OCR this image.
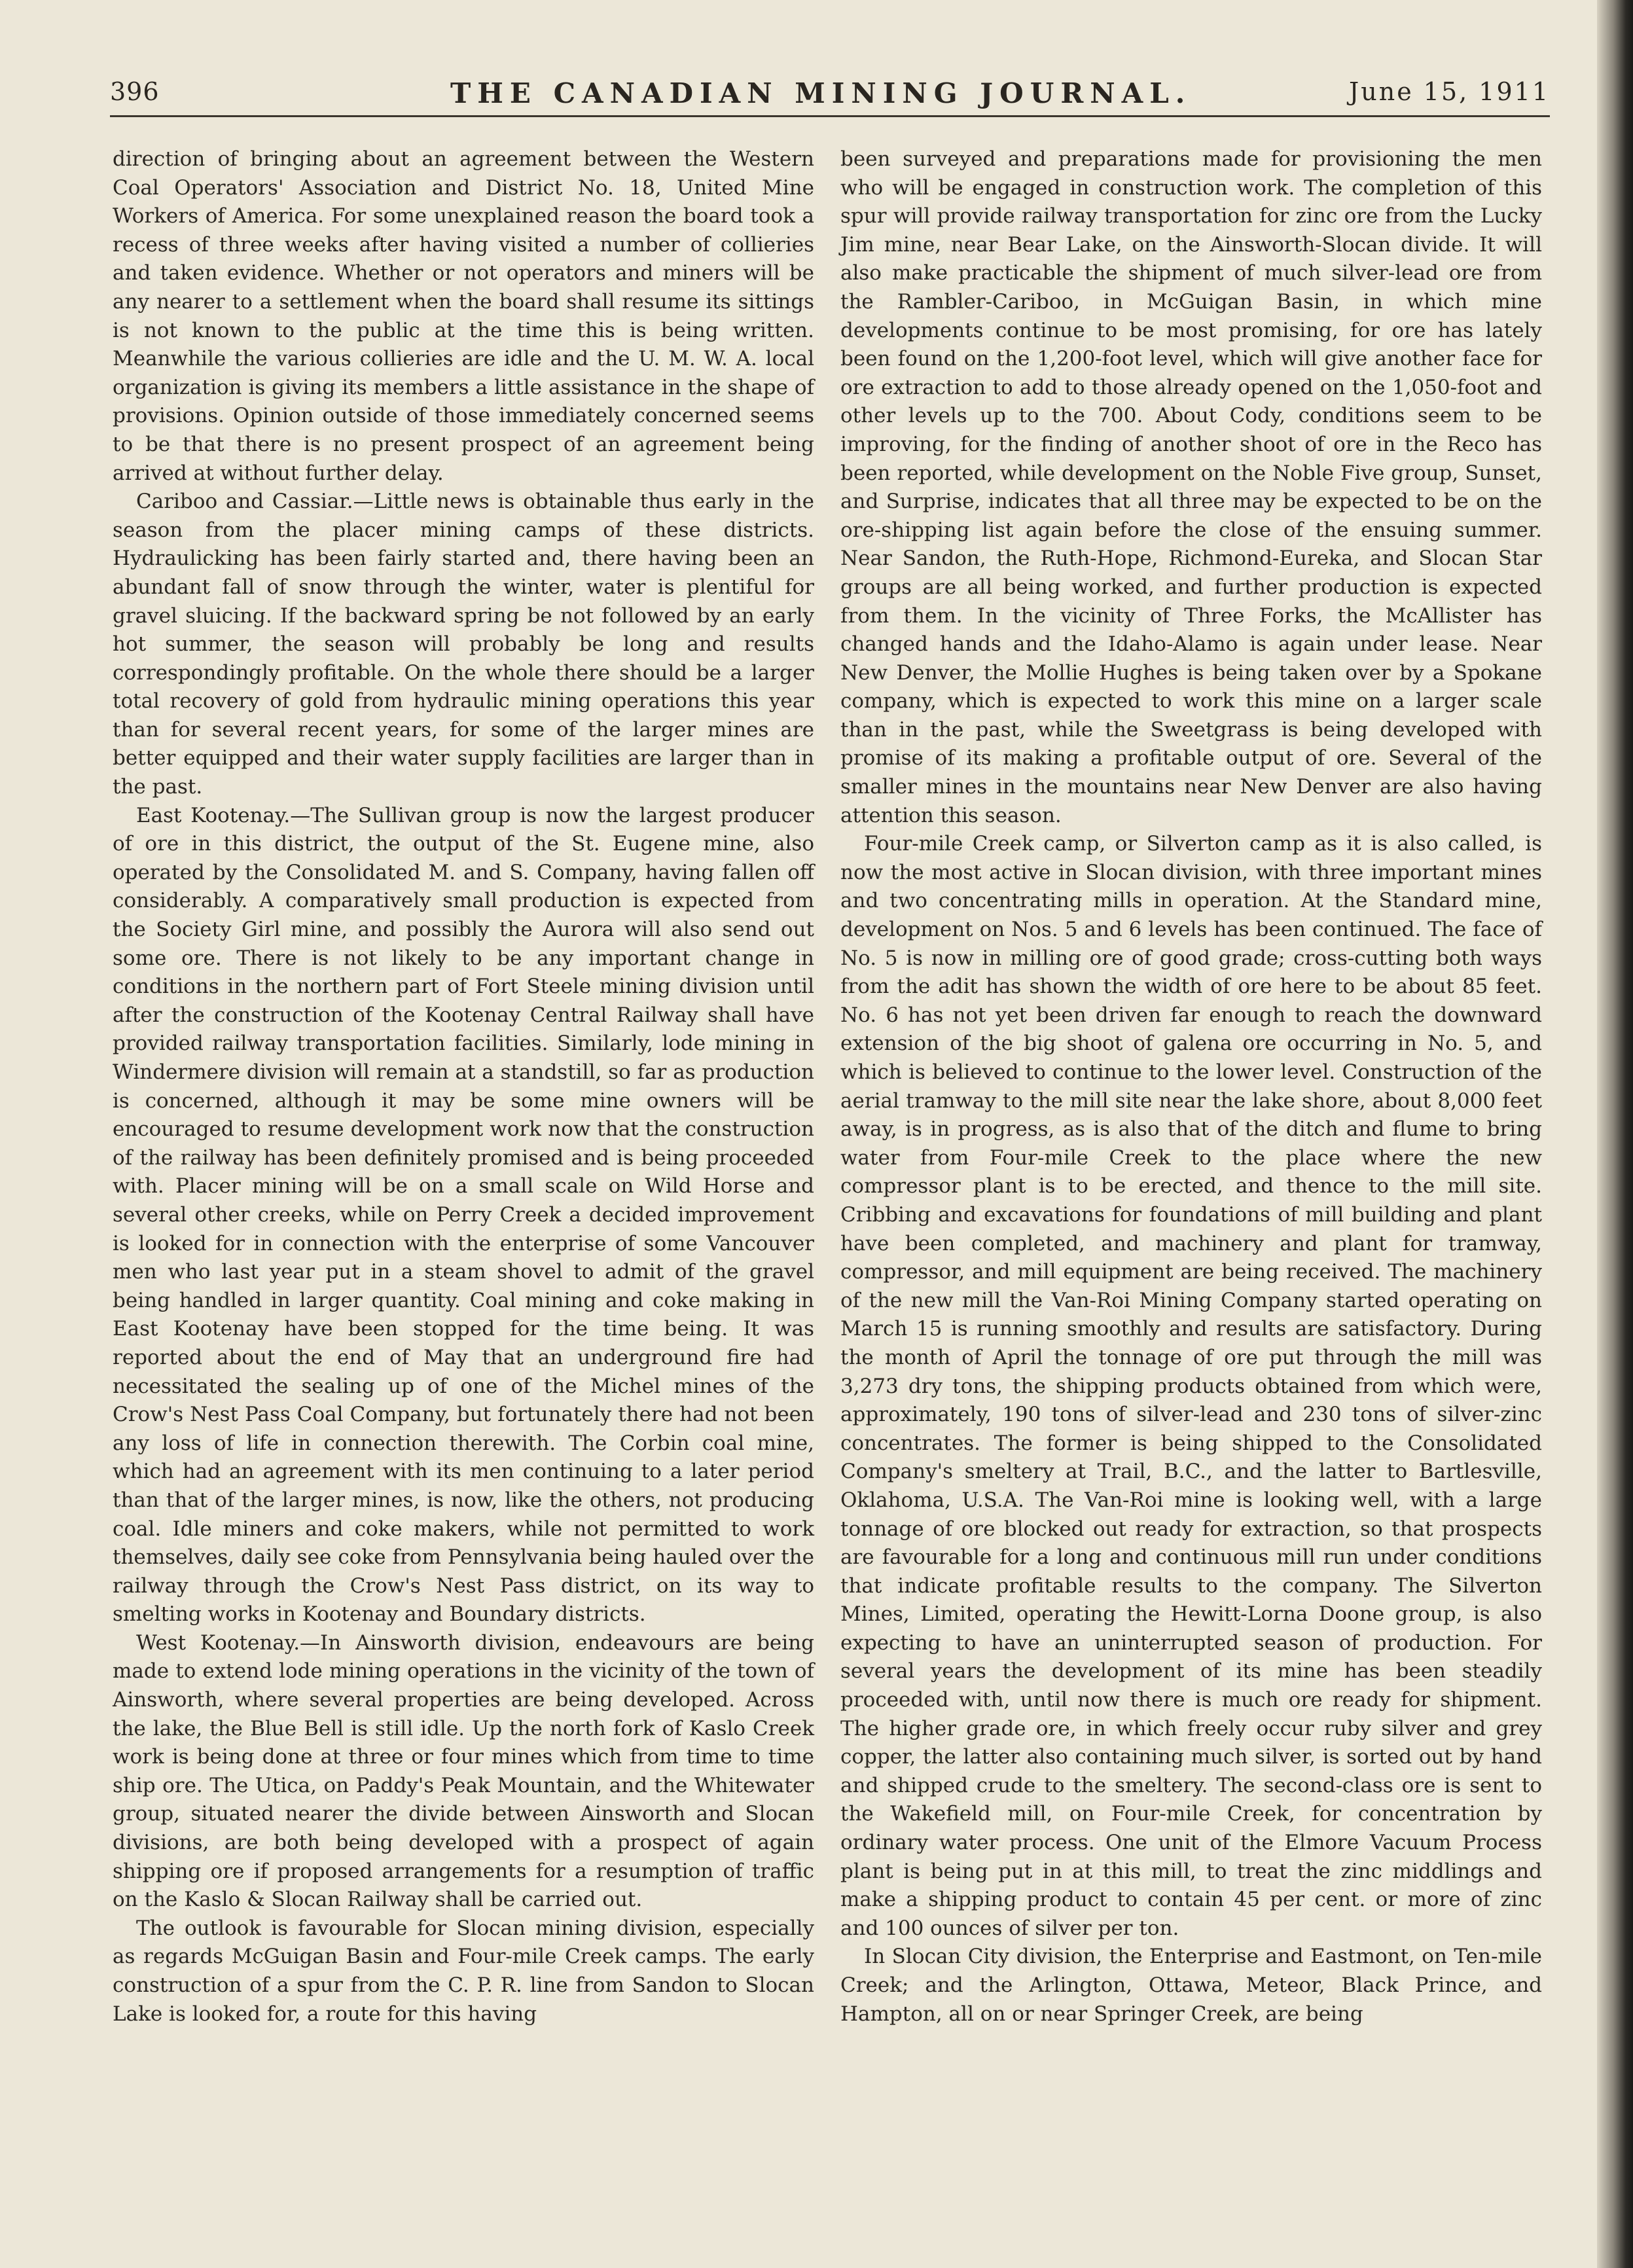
396	THE CANADIAN MINING JOURNAL.	June 15, 1911

direction of bringing about an agreement between the Western Coal Operators' Association and District No. 18, United Mine Workers of America. For some unexplained reason the board took a recess of three weeks after having visited a number of collieries and taken evidence. Whether or not operators and miners will be any nearer to a settlement when the board shall resume its sittings is not known to the public at the time this is being written. Meanwhile the various collieries are idle and the U. M. W. A. local organization is giving its members a little assistance in the shape of provisions. Opinion outside of those immediately concerned seems to be that there is no present prospect of an agreement being arrived at without further delay.

Cariboo and Cassiar.—Little news is obtainable thus early in the season from the placer mining camps of these districts. Hydraulicking has been fairly started and, there having been an abundant fall of snow through the winter, water is plentiful for gravel sluicing. If the backward spring be not followed by an early hot summer, the season will probably be long and results correspondingly profitable. On the whole there should be a larger total recovery of gold from hydraulic mining operations this year than for several recent years, for some of the larger mines are better equipped and their water supply facilities are larger than in the past.

East Kootenay.—The Sullivan group is now the largest producer of ore in this district, the output of the St. Eugene mine, also operated by the Consolidated M. and S. Company, having fallen off considerably. A comparatively small production is expected from the Society Girl mine, and possibly the Aurora will also send out some ore. There is not likely to be any important change in conditions in the northern part of Fort Steele mining division until after the construction of the Kootenay Central Railway shall have provided railway transportation facilities. Similarly, lode mining in Windermere division will remain at a standstill, so far as production is concerned, although it may be some mine owners will be encouraged to resume development work now that the construction of the railway has been definitely promised and is being proceeded with. Placer mining will be on a small scale on Wild Horse and several other creeks, while on Perry Creek a decided improvement is looked for in connection with the enterprise of some Vancouver men who last year put in a steam shovel to admit of the gravel being handled in larger quantity. Coal mining and coke making in East Kootenay have been stopped for the time being. It was reported about the end of May that an underground fire had necessitated the sealing up of one of the Michel mines of the Crow's Nest Pass Coal Company, but fortunately there had not been any loss of life in connection therewith. The Corbin coal mine, which had an agreement with its men continuing to a later period than that of the larger mines, is now, like the others, not producing coal. Idle miners and coke makers, while not permitted to work themselves, daily see coke from Pennsylvania being hauled over the railway through the Crow's Nest Pass district, on its way to smelting works in Kootenay and Boundary districts.

West Kootenay.—In Ainsworth division, endeavours are being made to extend lode mining operations in the vicinity of the town of Ainsworth, where several properties are being developed. Across the lake, the Blue Bell is still idle. Up the north fork of Kaslo Creek work is being done at three or four mines which from time to time ship ore. The Utica, on Paddy's Peak Mountain, and the Whitewater group, situated nearer the divide between Ainsworth and Slocan divisions, are both being developed with a prospect of again shipping ore if proposed arrangements for a resumption of traffic on the Kaslo & Slocan Railway shall be carried out.

The outlook is favourable for Slocan mining division, especially as regards McGuigan Basin and Four-mile Creek camps. The early construction of a spur from the C. P. R. line from Sandon to Slocan Lake is looked for, a route for this having

been surveyed and preparations made for provisioning the men who will be engaged in construction work. The completion of this spur will provide railway transportation for zinc ore from the Lucky Jim mine, near Bear Lake, on the Ainsworth-Slocan divide. It will also make practicable the shipment of much silver-lead ore from the Rambler-Cariboo, in McGuigan Basin, in which mine developments continue to be most promising, for ore has lately been found on the 1,200-foot level, which will give another face for ore extraction to add to those already opened on the 1,050-foot and other levels up to the 700. About Cody, conditions seem to be improving, for the finding of another shoot of ore in the Reco has been reported, while development on the Noble Five group, Sunset, and Surprise, indicates that all three may be expected to be on the ore-shipping list again before the close of the ensuing summer. Near Sandon, the Ruth-Hope, Richmond-Eureka, and Slocan Star groups are all being worked, and further production is expected from them. In the vicinity of Three Forks, the McAllister has changed hands and the Idaho-Alamo is again under lease. Near New Denver, the Mollie Hughes is being taken over by a Spokane company, which is expected to work this mine on a larger scale than in the past, while the Sweetgrass is being developed with promise of its making a profitable output of ore. Several of the smaller mines in the mountains near New Denver are also having attention this season.

Four-mile Creek camp, or Silverton camp as it is also called, is now the most active in Slocan division, with three important mines and two concentrating mills in operation. At the Standard mine, development on Nos. 5 and 6 levels has been continued. The face of No. 5 is now in milling ore of good grade; cross-cutting both ways from the adit has shown the width of ore here to be about 85 feet. No. 6 has not yet been driven far enough to reach the downward extension of the big shoot of galena ore occurring in No. 5, and which is believed to continue to the lower level. Construction of the aerial tramway to the mill site near the lake shore, about 8,000 feet away, is in progress, as is also that of the ditch and flume to bring water from Four-mile Creek to the place where the new compressor plant is to be erected, and thence to the mill site. Cribbing and excavations for foundations of mill building and plant have been completed, and machinery and plant for tramway, compressor, and mill equipment are being received. The machinery of the new mill the Van-Roi Mining Company started operating on March 15 is running smoothly and results are satisfactory. During the month of April the tonnage of ore put through the mill was 3,273 dry tons, the shipping products obtained from which were, approximately, 190 tons of silver-lead and 230 tons of silver-zinc concentrates. The former is being shipped to the Consolidated Company's smeltery at Trail, B.C., and the latter to Bartlesville, Oklahoma, U.S.A. The Van-Roi mine is looking well, with a large tonnage of ore blocked out ready for extraction, so that prospects are favourable for a long and continuous mill run under conditions that indicate profitable results to the company. The Silverton Mines, Limited, operating the Hewitt-Lorna Doone group, is also expecting to have an uninterrupted season of production. For several years the development of its mine has been steadily proceeded with, until now there is much ore ready for shipment. The higher grade ore, in which freely occur ruby silver and grey copper, the latter also containing much silver, is sorted out by hand and shipped crude to the smeltery. The second-class ore is sent to the Wakefield mill, on Four-mile Creek, for concentration by ordinary water process. One unit of the Elmore Vacuum Process plant is being put in at this mill, to treat the zinc middlings and make a shipping product to contain 45 per cent. or more of zinc and 100 ounces of silver per ton.

In Slocan City division, the Enterprise and Eastmont, on Ten-mile Creek; and the Arlington, Ottawa, Meteor, Black Prince, and Hampton, all on or near Springer Creek, are being
